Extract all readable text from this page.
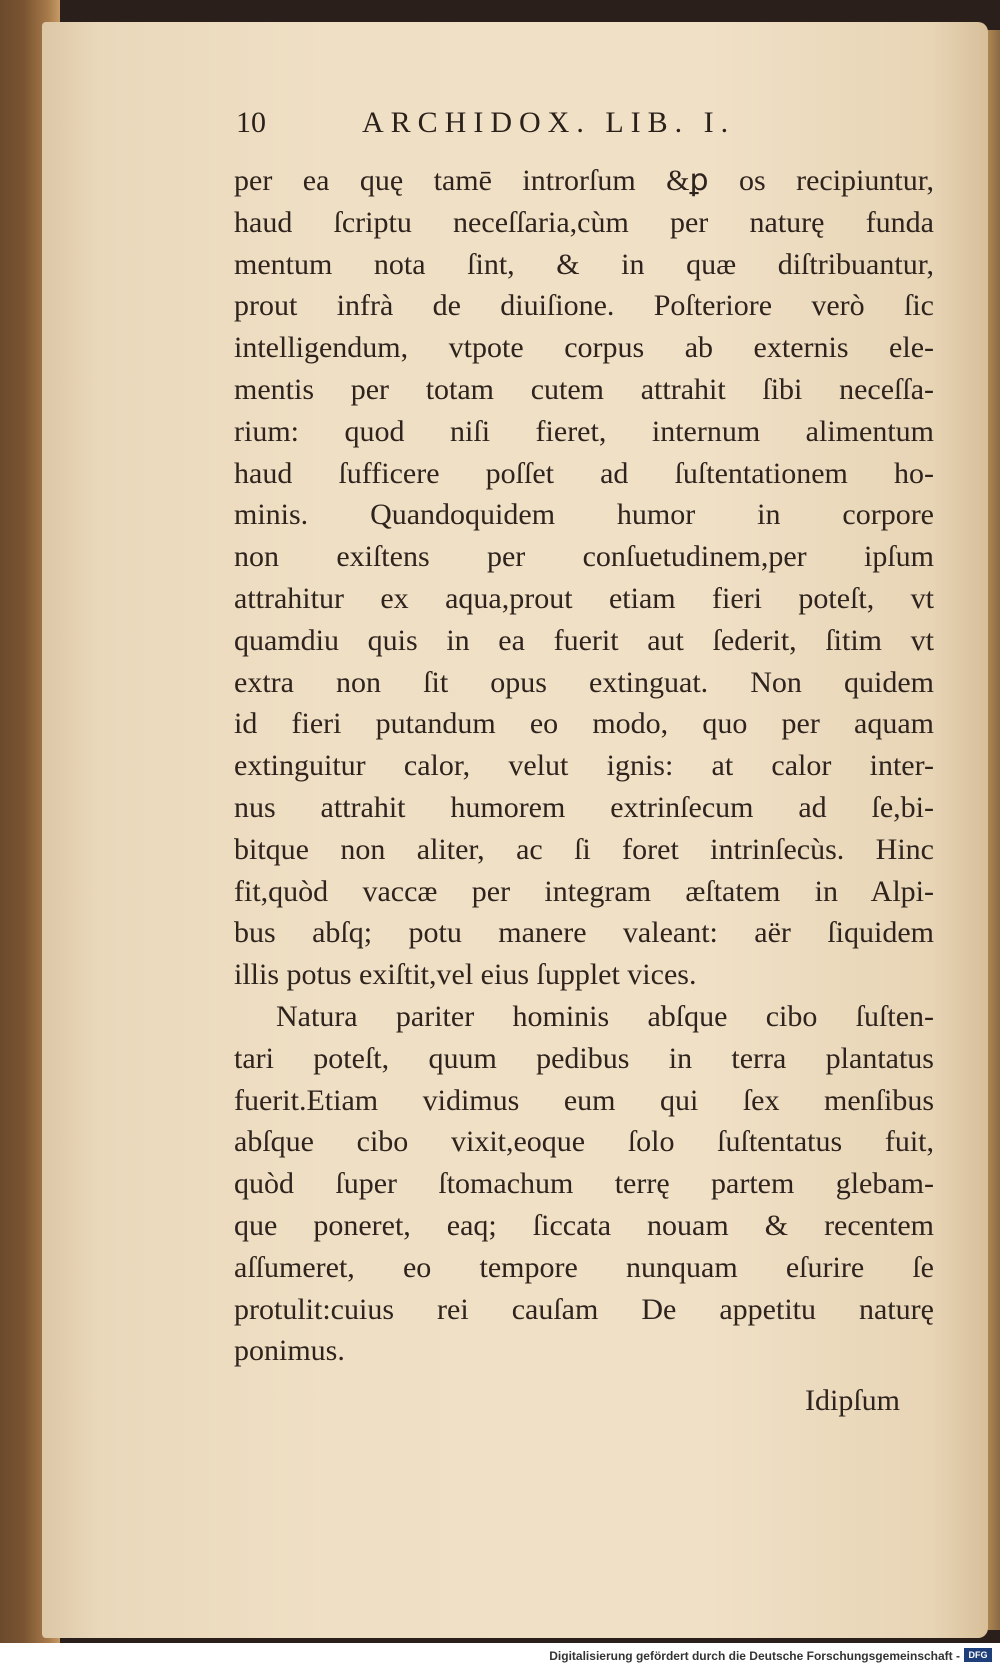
10	ARCHIDOX. LIB. I.
per ea quę tamē introrſum &ꝑ os recipiuntur,
haud ſcriptu neceſſaria,cùm per naturę funda
mentum nota ſint, & in quæ diſtribuantur,
prout infrà de diuiſione. Poſteriore verò ſic
intelligendum, vtpote corpus ab externis ele-
mentis per totam cutem attrahit ſibi neceſſa-
rium: quod niſi fieret, internum alimentum
haud ſufficere poſſet ad ſuſtentationem ho-
minis. Quandoquidem humor in corpore
non exiſtens per conſuetudinem,per ipſum
attrahitur ex aqua,prout etiam fieri poteſt, vt
quamdiu quis in ea fuerit aut ſederit, ſitim vt
extra non ſit opus extinguat. Non quidem
id fieri putandum eo modo, quo per aquam
extinguitur calor, velut ignis: at calor inter-
nus attrahit humorem extrinſecum ad ſe,bi-
bitque non aliter, ac ſi foret intrinſecùs. Hinc
fit,quòd vaccæ per integram æſtatem in Alpi-
bus abſq; potu manere valeant: aër ſiquidem
illis potus exiſtit,vel eius ſupplet vices.
Natura pariter hominis abſque cibo ſuſten-
tari poteſt, quum pedibus in terra plantatus
fuerit.Etiam vidimus eum qui ſex menſibus
abſque cibo vixit,eoque ſolo ſuſtentatus fuit,
quòd ſuper ſtomachum terrę partem glebam-
que poneret, eaq; ſiccata nouam & recentem
aſſumeret, eo tempore nunquam eſurire ſe
protulit:cuius rei cauſam De appetitu naturę
ponimus.
Idipſum
Digitalisierung gefördert durch die Deutsche Forschungsgemeinschaft - DFG
